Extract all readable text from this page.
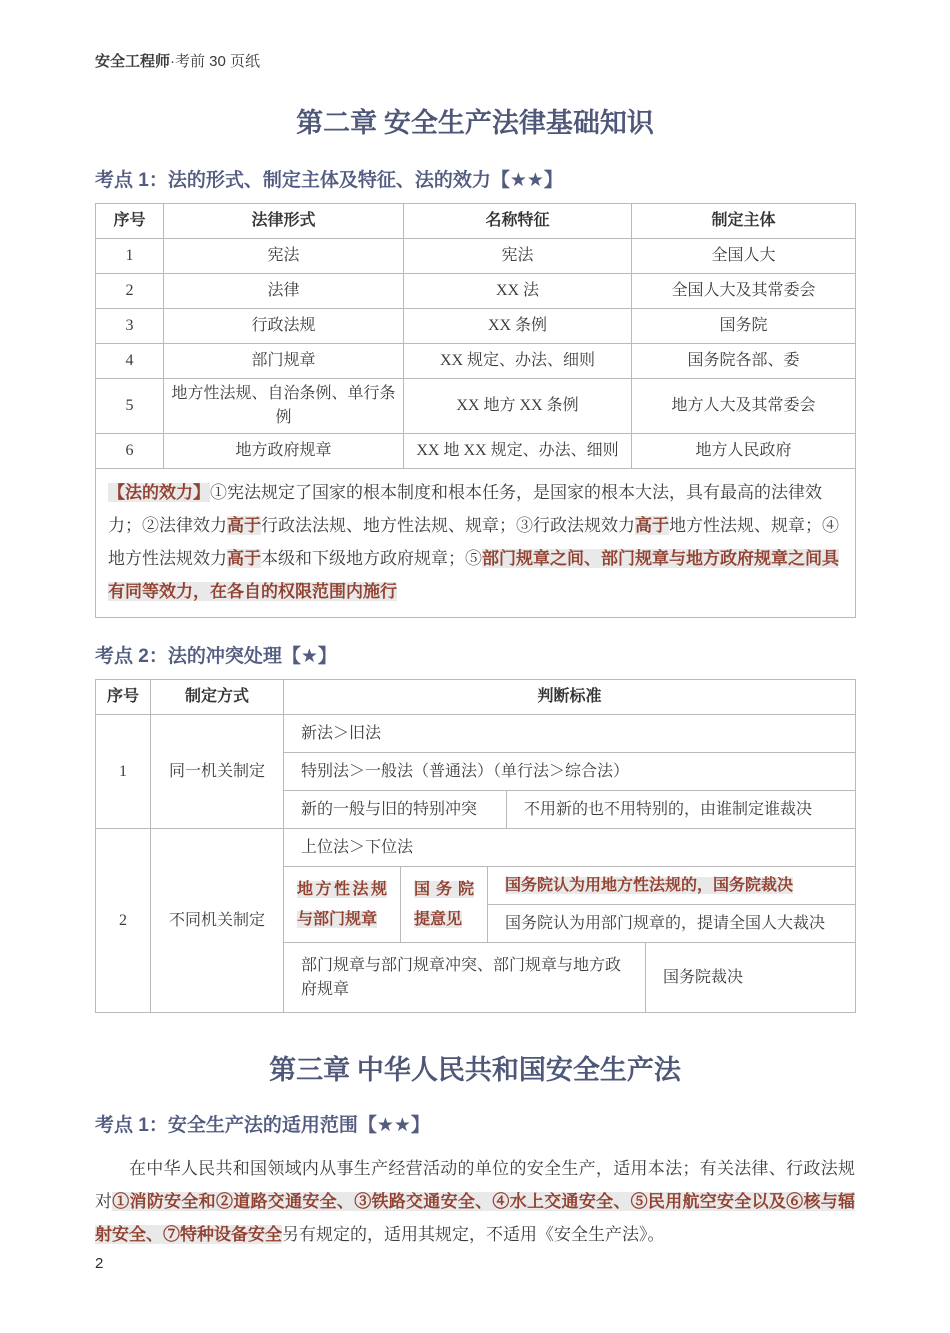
安全工程师·考前 30 页纸
第二章 安全生产法律基础知识
考点 1：法的形式、制定主体及特征、法的效力【★★】
序号	法律形式	名称特征	制定主体
1	宪法	宪法	全国人大
2	法律	XX 法	全国人大及其常委会
3	行政法规	XX 条例	国务院
4	部门规章	XX 规定、办法、细则	国务院各部、委
5	地方性法规、自治条例、单行条例	XX 地方 XX 条例	地方人大及其常委会
6	地方政府规章	XX 地 XX 规定、办法、细则	地方人民政府
【法的效力】①宪法规定了国家的根本制度和根本任务，是国家的根本大法，具有最高的法律效力；②法律效力高于行政法法规、地方性法规、规章；③行政法规效力高于地方性法规、规章；④地方性法规效力高于本级和下级地方政府规章；⑤部门规章之间、部门规章与地方政府规章之间具有同等效力，在各自的权限范围内施行			
考点 2：法的冲突处理【★】
序号	制定方式	判断标准				
1	同一机关制定	新法＞旧法				
		特别法＞一般法（普通法）（单行法＞综合法）				
		新的一般与旧的特别冲突			不用新的也不用特别的，由谁制定谁裁决	
2	不同机关制定	上位法＞下位法				
		地方性法规与部门规章	国务院提意见	国务院认为用地方性法规的，国务院裁决		
				国务院认为用部门规章的，提请全国人大裁决		
		部门规章与部门规章冲突、部门规章与地方政府规章				国务院裁决
第三章 中华人民共和国安全生产法
考点 1：安全生产法的适用范围【★★】

在中华人民共和国领域内从事生产经营活动的单位的安全生产，适用本法；有关法律、行政法规对①消防安全和②道路交通安全、③铁路交通安全、④水上交通安全、⑤民用航空安全以及⑥核与辐射安全、⑦特种设备安全另有规定的，适用其规定，不适用《安全生产法》。

2
